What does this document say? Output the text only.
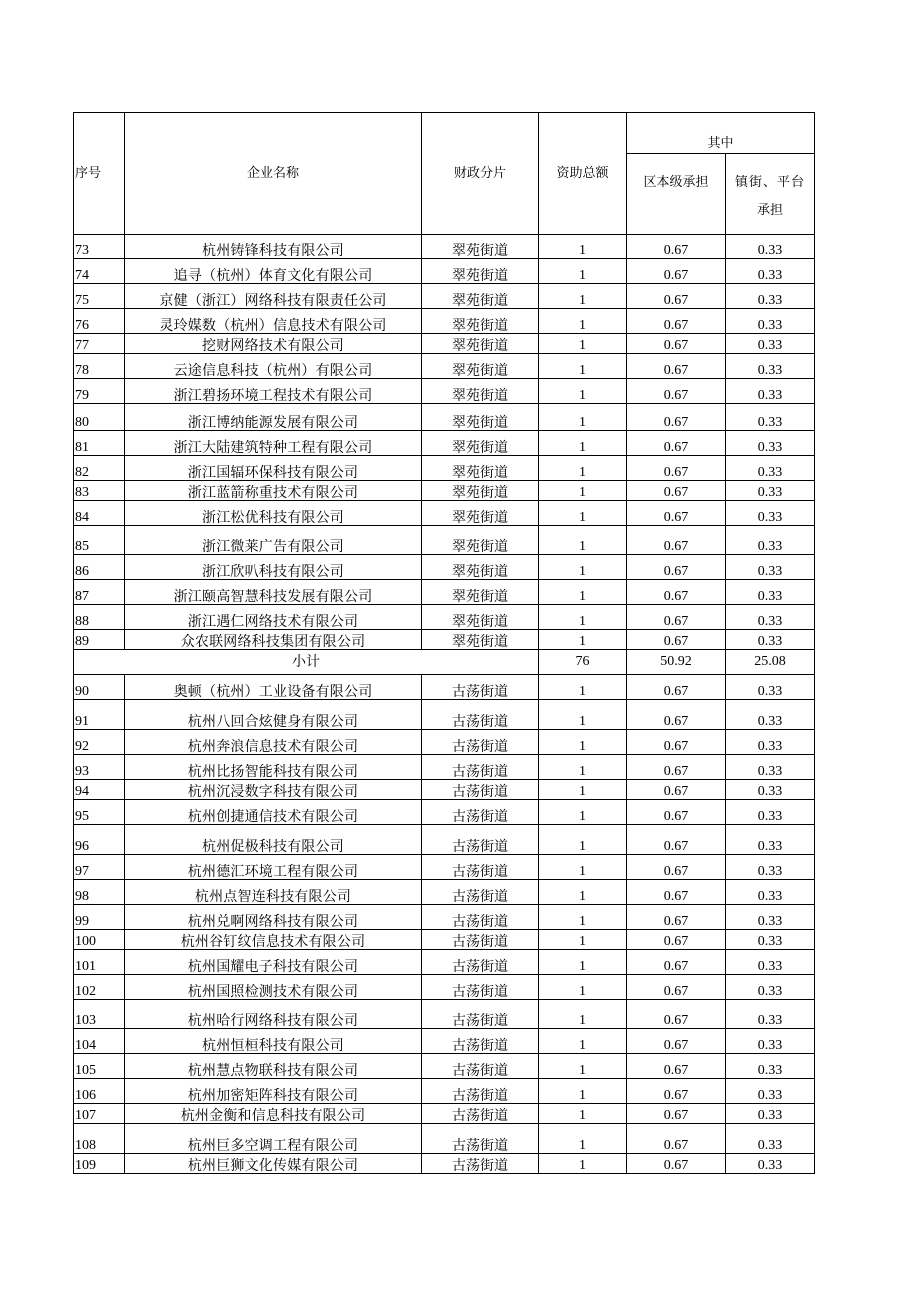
序号	企业名称	财政分片	资助总额	其中	

				区本级承担	镇街、平台
承担

73	杭州铸锋科技有限公司	翠苑街道	1	0.67	0.33
74	追寻（杭州）体育文化有限公司	翠苑街道	1	0.67	0.33
75	京健（浙江）网络科技有限责任公司	翠苑街道	1	0.67	0.33
76	灵玲媒数（杭州）信息技术有限公司	翠苑街道	1	0.67	0.33
77	挖财网络技术有限公司	翠苑街道	1	0.67	0.33
78	云途信息科技（杭州）有限公司	翠苑街道	1	0.67	0.33
79	浙江碧扬环境工程技术有限公司	翠苑街道	1	0.67	0.33
80	浙江博纳能源发展有限公司	翠苑街道	1	0.67	0.33
81	浙江大陆建筑特种工程有限公司	翠苑街道	1	0.67	0.33
82	浙江国辐环保科技有限公司	翠苑街道	1	0.67	0.33
83	浙江蓝箭称重技术有限公司	翠苑街道	1	0.67	0.33
84	浙江松优科技有限公司	翠苑街道	1	0.67	0.33
85	浙江微莱广告有限公司	翠苑街道	1	0.67	0.33
86	浙江欣叭科技有限公司	翠苑街道	1	0.67	0.33
87	浙江颐高智慧科技发展有限公司	翠苑街道	1	0.67	0.33
88	浙江遇仁网络技术有限公司	翠苑街道	1	0.67	0.33
89	众农联网络科技集团有限公司	翠苑街道	1	0.67	0.33
小计			76	50.92	25.08
90	奥顿（杭州）工业设备有限公司	古荡街道	1	0.67	0.33
91	杭州八回合炫健身有限公司	古荡街道	1	0.67	0.33
92	杭州奔浪信息技术有限公司	古荡街道	1	0.67	0.33
93	杭州比扬智能科技有限公司	古荡街道	1	0.67	0.33
94	杭州沉浸数字科技有限公司	古荡街道	1	0.67	0.33
95	杭州创捷通信技术有限公司	古荡街道	1	0.67	0.33
96	杭州促极科技有限公司	古荡街道	1	0.67	0.33
97	杭州德汇环境工程有限公司	古荡街道	1	0.67	0.33
98	杭州点智连科技有限公司	古荡街道	1	0.67	0.33
99	杭州兑啊网络科技有限公司	古荡街道	1	0.67	0.33
100	杭州谷钉纹信息技术有限公司	古荡街道	1	0.67	0.33
101	杭州国耀电子科技有限公司	古荡街道	1	0.67	0.33
102	杭州国照检测技术有限公司	古荡街道	1	0.67	0.33
103	杭州哈行网络科技有限公司	古荡街道	1	0.67	0.33
104	杭州恒桓科技有限公司	古荡街道	1	0.67	0.33
105	杭州慧点物联科技有限公司	古荡街道	1	0.67	0.33
106	杭州加密矩阵科技有限公司	古荡街道	1	0.67	0.33
107	杭州金衡和信息科技有限公司	古荡街道	1	0.67	0.33
108	杭州巨多空调工程有限公司	古荡街道	1	0.67	0.33
109	杭州巨狮文化传媒有限公司	古荡街道	1	0.67	0.33
